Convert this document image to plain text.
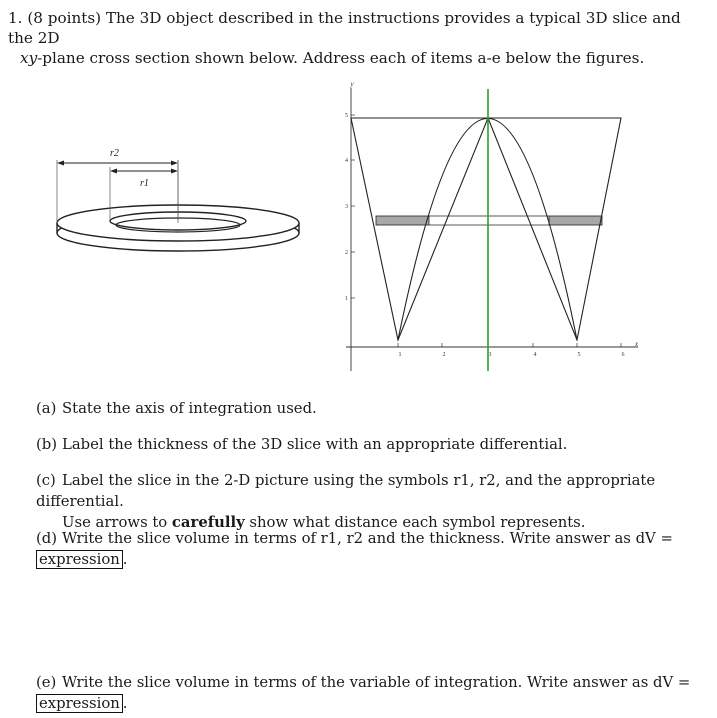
1. (8 points) The 3D object described in the instructions provides a typical 3D slice and the 2D
xy-plane cross section shown below. Address each of items a-e below the figures.
r2
r1
y
x
1
2
3
4
5
1	2	3	4	5	6
(a) State the axis of integration used.
(b) Label the thickness of the 3D slice with an appropriate differential.
(c) Label the slice in the 2-D picture using the symbols r1, r2, and the appropriate differential.
Use arrows to carefully show what distance each symbol represents.
(d) Write the slice volume in terms of r1, r2 and the thickness. Write answer as dV =expression .
(e) Write the slice volume in terms of the variable of integration. Write answer as dV =expression .
